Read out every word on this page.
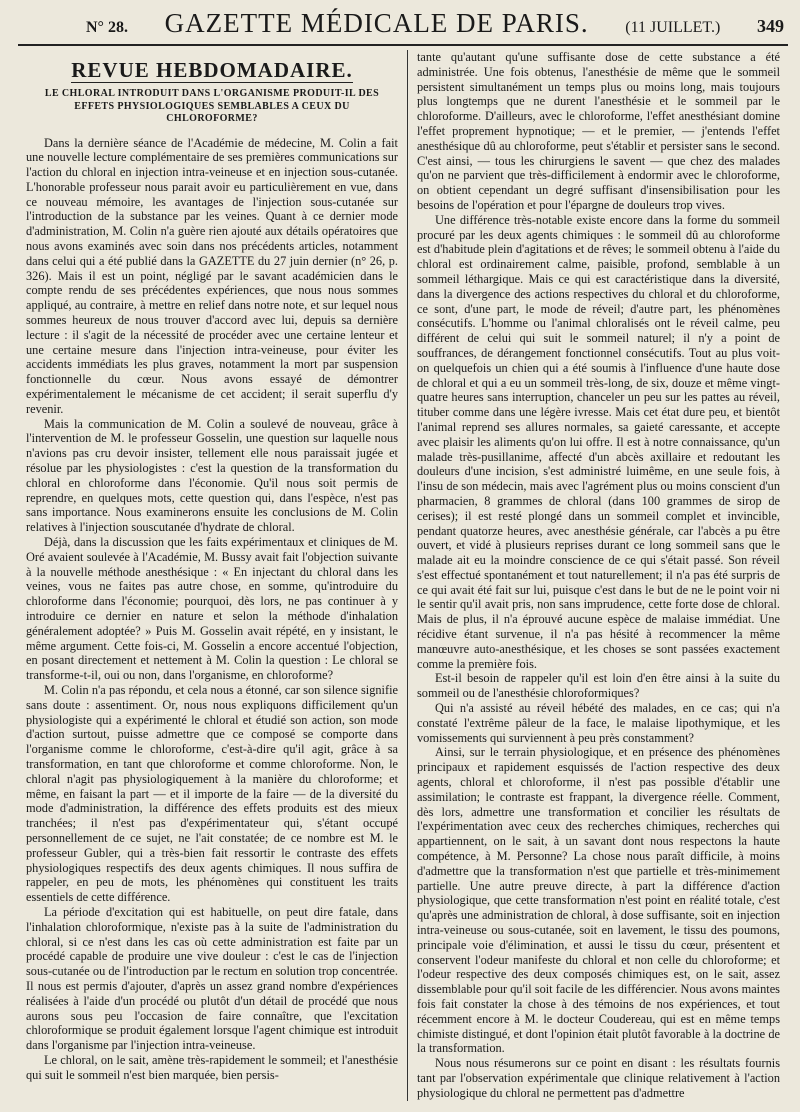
N° 28. GAZETTE MÉDICALE DE PARIS. (11 JUILLET.) 349
REVUE HEBDOMADAIRE.
LE CHLORAL INTRODUIT DANS L'ORGANISME PRODUIT-IL DES EFFETS PHYSIOLOGIQUES SEMBLABLES A CEUX DU CHLOROFORME?

Dans la dernière séance de l'Académie de médecine, M. Colin a fait une nouvelle lecture complémentaire de ses premières communications sur l'action du chloral en injection intra-veineuse et en injection sous-cutanée. L'honorable professeur nous parait avoir eu particulièrement en vue, dans ce nouveau mémoire, les avantages de l'injection sous-cutanée sur l'introduction de la substance par les veines. Quant à ce dernier mode d'administration, M. Colin n'a guère rien ajouté aux détails opératoires que nous avons examinés avec soin dans nos précédents articles, notamment dans celui qui a été publié dans la GAZETTE du 27 juin dernier (n° 26, p. 326). Mais il est un point, négligé par le savant académicien dans le compte rendu de ses précédentes expériences, que nous nous sommes appliqué, au contraire, à mettre en relief dans notre note, et sur lequel nous sommes heureux de nous trouver d'accord avec lui, depuis sa dernière lecture : il s'agit de la nécessité de procéder avec une certaine lenteur et une certaine mesure dans l'injection intra-veineuse, pour éviter les accidents immédiats les plus graves, notamment la mort par suspension fonctionnelle du cœur. Nous avons essayé de démontrer expérimentalement le mécanisme de cet accident; il serait superflu d'y revenir.

Mais la communication de M. Colin a soulevé de nouveau, grâce à l'intervention de M. le professeur Gosselin, une question sur laquelle nous n'avions pas cru devoir insister, tellement elle nous paraissait jugée et résolue par les physiologistes : c'est la question de la transformation du chloral en chloroforme dans l'économie. Qu'il nous soit permis de reprendre, en quelques mots, cette question qui, dans l'espèce, n'est pas sans importance. Nous examinerons ensuite les conclusions de M. Colin relatives à l'injection souscutanée d'hydrate de chloral.

Déjà, dans la discussion que les faits expérimentaux et cliniques de M. Oré avaient soulevée à l'Académie, M. Bussy avait fait l'objection suivante à la nouvelle méthode anesthésique : « En injectant du chloral dans les veines, vous ne faites pas autre chose, en somme, qu'introduire du chloroforme dans l'économie; pourquoi, dès lors, ne pas continuer à y introduire ce dernier en nature et selon la méthode d'inhalation généralement adoptée? » Puis M. Gosselin avait répété, en y insistant, le même argument. Cette fois-ci, M. Gosselin a encore accentué l'objection, en posant directement et nettement à M. Colin la question : Le chloral se transforme-t-il, oui ou non, dans l'organisme, en chloroforme?

M. Colin n'a pas répondu, et cela nous a étonné, car son silence signifie sans doute : assentiment. Or, nous nous expliquons difficilement qu'un physiologiste qui a expérimenté le chloral et étudié son action, son mode d'action surtout, puisse admettre que ce composé se comporte dans l'organisme comme le chloroforme, c'est-à-dire qu'il agit, grâce à sa transformation, en tant que chloroforme et comme chloroforme. Non, le chloral n'agit pas physiologiquement à la manière du chloroforme; et même, en faisant la part — et il importe de la faire — de la diversité du mode d'administration, la différence des effets produits est des mieux tranchées; il n'est pas d'expérimentateur qui, s'étant occupé personnellement de ce sujet, ne l'ait constatée; de ce nombre est M. le professeur Gubler, qui a très-bien fait ressortir le contraste des effets physiologiques respectifs des deux agents chimiques. Il nous suffira de rappeler, en peu de mots, les phénomènes qui constituent les traits essentiels de cette différence.

La période d'excitation qui est habituelle, on peut dire fatale, dans l'inhalation chloroformique, n'existe pas à la suite de l'administration du chloral, si ce n'est dans les cas où cette administration est faite par un procédé capable de produire une vive douleur : c'est le cas de l'injection sous-cutanée ou de l'introduction par le rectum en solution trop concentrée. Il nous est permis d'ajouter, d'après un assez grand nombre d'expériences réalisées à l'aide d'un procédé ou plutôt d'un détail de procédé que nous aurons sous peu l'occasion de faire connaître, que l'excitation chloroformique se produit également lorsque l'agent chimique est introduit dans l'organisme par l'injection intra-veineuse.

Le chloral, on le sait, amène très-rapidement le sommeil; et l'anesthésie qui suit le sommeil n'est bien marquée, bien persis-

tante qu'autant qu'une suffisante dose de cette substance a été administrée. Une fois obtenus, l'anesthésie de même que le sommeil persistent simultanément un temps plus ou moins long, mais toujours plus longtemps que ne durent l'anesthésie et le sommeil par le chloroforme. D'ailleurs, avec le chloroforme, l'effet anesthésiant domine l'effet proprement hypnotique; — et le premier, — j'entends l'effet anesthésique dû au chloroforme, peut s'établir et persister sans le second. C'est ainsi, — tous les chirurgiens le savent — que chez des malades qu'on ne parvient que très-difficilement à endormir avec le chloroforme, on obtient cependant un degré suffisant d'insensibilisation pour les besoins de l'opération et pour l'épargne de douleurs trop vives.

Une différence très-notable existe encore dans la forme du sommeil procuré par les deux agents chimiques : le sommeil dû au chloroforme est d'habitude plein d'agitations et de rêves; le sommeil obtenu à l'aide du chloral est ordinairement calme, paisible, profond, semblable à un sommeil léthargique. Mais ce qui est caractéristique dans la diversité, dans la divergence des actions respectives du chloral et du chloroforme, ce sont, d'une part, le mode de réveil; d'autre part, les phénomènes consécutifs. L'homme ou l'animal chloralisés ont le réveil calme, peu différent de celui qui suit le sommeil naturel; il n'y a point de souffrances, de dérangement fonctionnel consécutifs. Tout au plus voit-on quelquefois un chien qui a été soumis à l'influence d'une haute dose de chloral et qui a eu un sommeil très-long, de six, douze et même vingt-quatre heures sans interruption, chanceler un peu sur les pattes au réveil, tituber comme dans une légère ivresse. Mais cet état dure peu, et bientôt l'animal reprend ses allures normales, sa gaieté caressante, et accepte avec plaisir les aliments qu'on lui offre. Il est à notre connaissance, qu'un malade très-pusillanime, affecté d'un abcès axillaire et redoutant les douleurs d'une incision, s'est administré luimême, en une seule fois, à l'insu de son médecin, mais avec l'agrément plus ou moins conscient d'un pharmacien, 8 grammes de chloral (dans 100 grammes de sirop de cerises); il est resté plongé dans un sommeil complet et invincible, pendant quatorze heures, avec anesthésie générale, car l'abcès a pu être ouvert, et vidé à plusieurs reprises durant ce long sommeil sans que le malade ait eu la moindre conscience de ce qui s'était passé. Son réveil s'est effectué spontanément et tout naturellement; il n'a pas été surpris de ce qui avait été fait sur lui, puisque c'est dans le but de ne le point voir ni le sentir qu'il avait pris, non sans imprudence, cette forte dose de chloral. Mais de plus, il n'a éprouvé aucune espèce de malaise immédiat. Une récidive étant survenue, il n'a pas hésité à recommencer la même manœuvre auto-anesthésique, et les choses se sont passées exactement comme la première fois.

Est-il besoin de rappeler qu'il est loin d'en être ainsi à la suite du sommeil ou de l'anesthésie chloroformiques?

Qui n'a assisté au réveil hébété des malades, en ce cas; qui n'a constaté l'extrême pâleur de la face, le malaise lipothymique, et les vomissements qui surviennent à peu près constamment?

Ainsi, sur le terrain physiologique, et en présence des phénomènes principaux et rapidement esquissés de l'action respective des deux agents, chloral et chloroforme, il n'est pas possible d'établir une assimilation; le contraste est frappant, la divergence réelle. Comment, dès lors, admettre une transformation et concilier les résultats de l'expérimentation avec ceux des recherches chimiques, recherches qui appartiennent, on le sait, à un savant dont nous respectons la haute compétence, à M. Personne? La chose nous paraît difficile, à moins d'admettre que la transformation n'est que partielle et très-minimement partielle. Une autre preuve directe, à part la différence d'action physiologique, que cette transformation n'est point en réalité totale, c'est qu'après une administration de chloral, à dose suffisante, soit en injection intra-veineuse ou sous-cutanée, soit en lavement, le tissu des poumons, principale voie d'élimination, et aussi le tissu du cœur, présentent et conservent l'odeur manifeste du chloral et non celle du chloroforme; et l'odeur respective des deux composés chimiques est, on le sait, assez dissemblable pour qu'il soit facile de les différencier. Nous avons maintes fois fait constater la chose à des témoins de nos expériences, et tout récemment encore à M. le docteur Coudereau, qui est en même temps chimiste distingué, et dont l'opinion était plutôt favorable à la doctrine de la transformation.

Nous nous résumerons sur ce point en disant : les résultats fournis tant par l'observation expérimentale que clinique relativement à l'action physiologique du chloral ne permettent pas d'admettre
